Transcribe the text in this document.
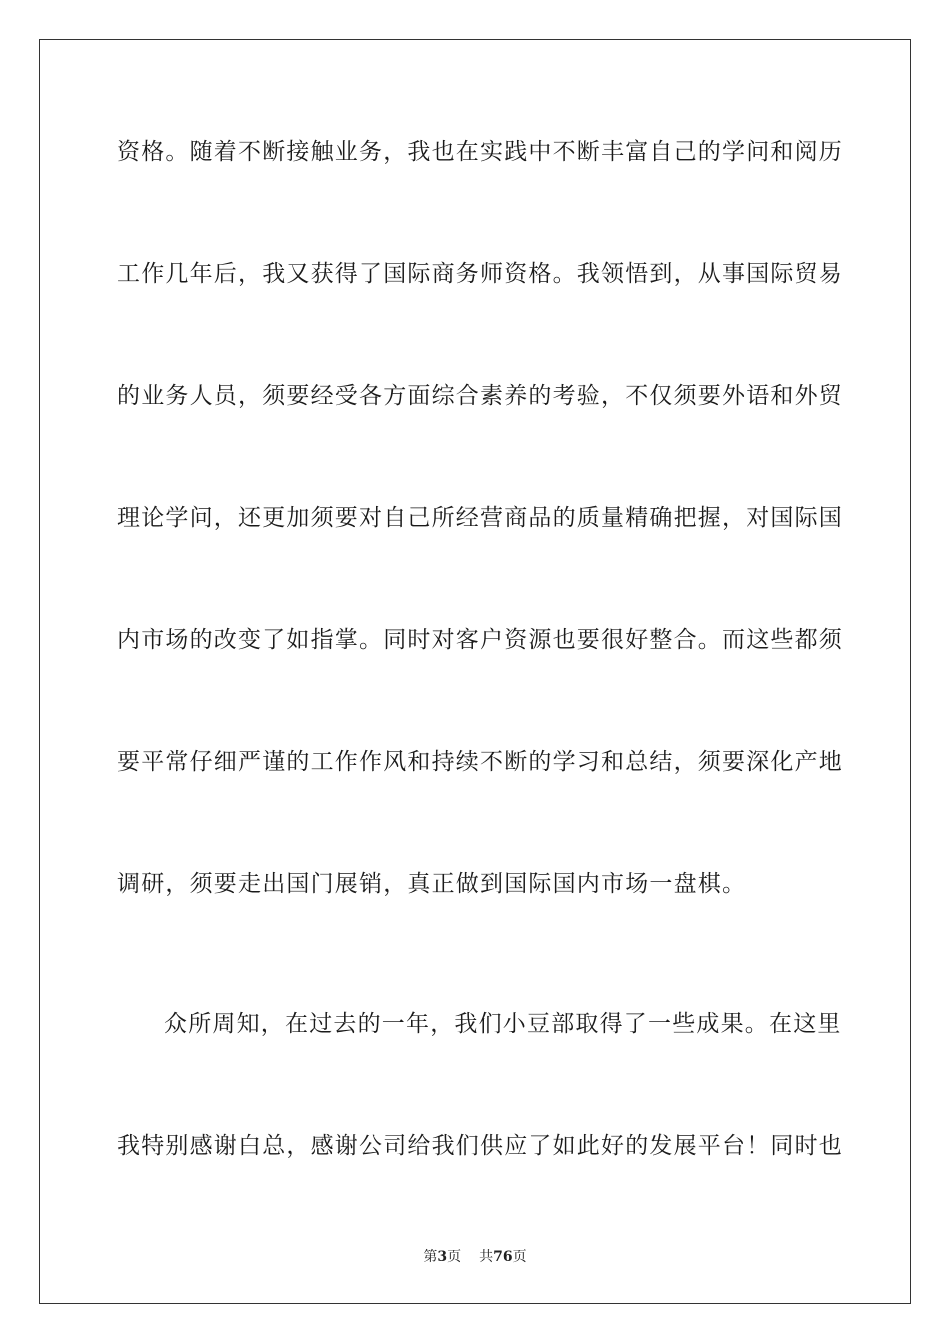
资格。随着不断接触业务，我也在实践中不断丰富自己的学问和阅历
工作几年后，我又获得了国际商务师资格。我领悟到，从事国际贸易
的业务人员，须要经受各方面综合素养的考验，不仅须要外语和外贸
理论学问，还更加须要对自己所经营商品的质量精确把握，对国际国
内市场的改变了如指掌。同时对客户资源也要很好整合。而这些都须
要平常仔细严谨的工作作风和持续不断的学习和总结，须要深化产地
调研，须要走出国门展销，真正做到国际国内市场一盘棋。
众所周知，在过去的一年，我们小豆部取得了一些成果。在这里
我特别感谢白总，感谢公司给我们供应了如此好的发展平台！同时也
第3页 共76页
